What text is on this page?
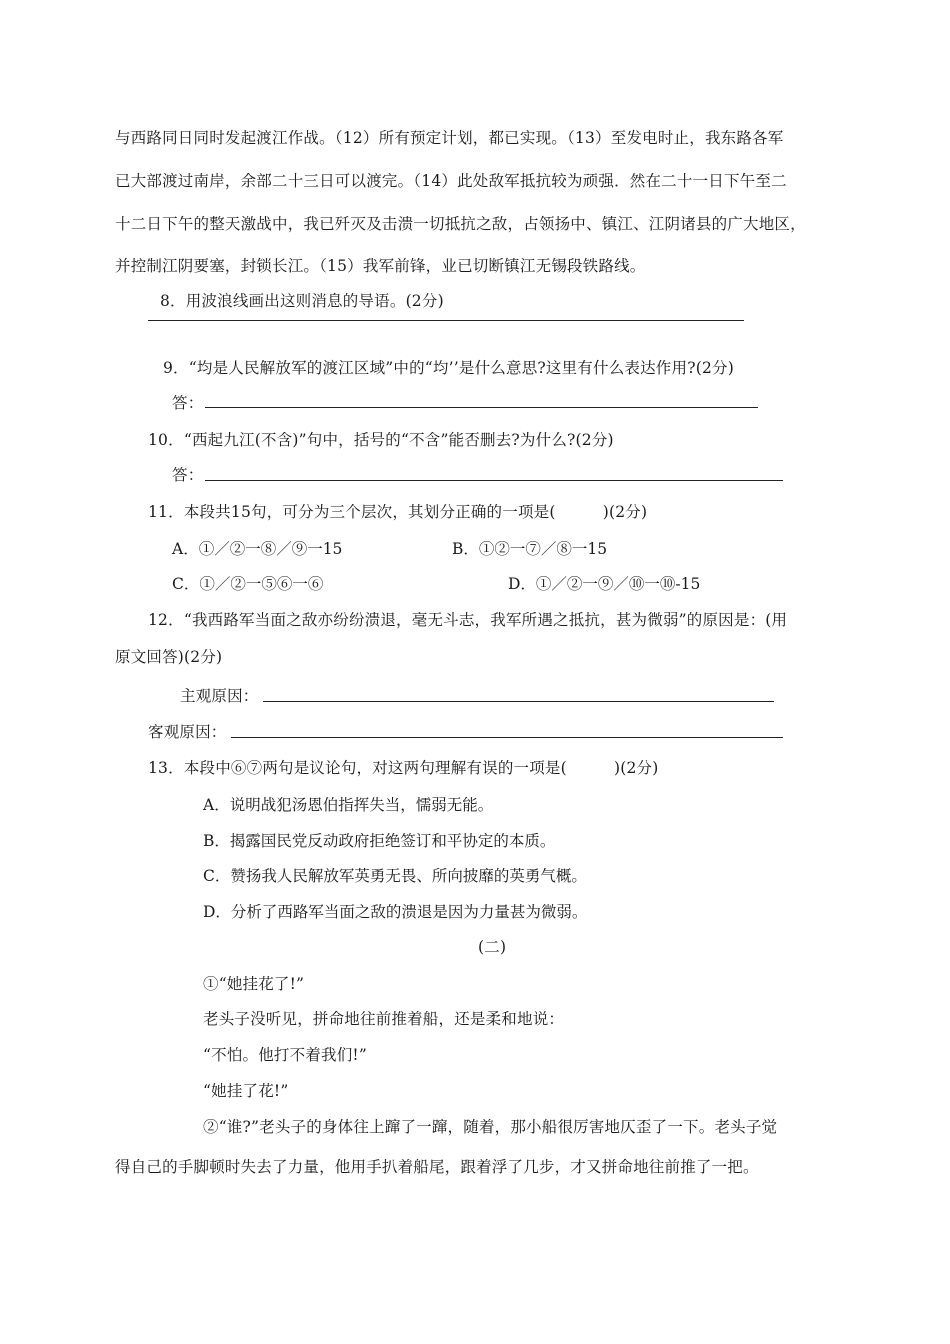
与西路同日同时发起渡江作战。（12）所有预定计划，都已实现。（13）至发电时止，我东路各军
已大部渡过南岸，余部二十三日可以渡完。（14）此处敌军抵抗较为顽强．然在二十一日下午至二
十二日下午的整天激战中，我已歼灭及击溃一切抵抗之敌，占领扬中、镇江、江阴诸县的广大地区，
并控制江阴要塞，封锁长江。（15）我军前锋，业已切断镇江无锡段铁路线。
8．用波浪线画出这则消息的导语。(2分)
9．“均是人民解放军的渡江区域”中的“均’’是什么意思?这里有什么表达作用?(2分)
答：
10．“西起九江(不含)”句中，括号的“不含”能否删去?为什么?(2分)
答：
11．本段共15句，可分为三个层次，其划分正确的一项是(　　　)(2分)
A．①／②一⑧／⑨一15	B．①②一⑦／⑧一15
C．①／②一⑤⑥一⑥	D．①／②一⑨／⑩一⑩-15
12．“我西路军当面之敌亦纷纷溃退，毫无斗志，我军所遇之抵抗，甚为微弱”的原因是：(用
原文回答)(2分)
主观原因：
客观原因：
13．本段中⑥⑦两句是议论句，对这两句理解有误的一项是(　　　)(2分)
A．说明战犯汤恩伯指挥失当，懦弱无能。
B．揭露国民党反动政府拒绝签订和平协定的本质。
C．赞扬我人民解放军英勇无畏、所向披靡的英勇气概。
D．分析了西路军当面之敌的溃退是因为力量甚为微弱。
(二)
①“她挂花了!”
老头子没听见，拼命地往前推着船，还是柔和地说：
“不怕。他打不着我们!”
“她挂了花!”
②“谁?”老头子的身体往上蹿了一蹿，随着，那小船很厉害地仄歪了一下。老头子觉
得自己的手脚顿时失去了力量，他用手扒着船尾，跟着浮了几步，才又拼命地往前推了一把。
